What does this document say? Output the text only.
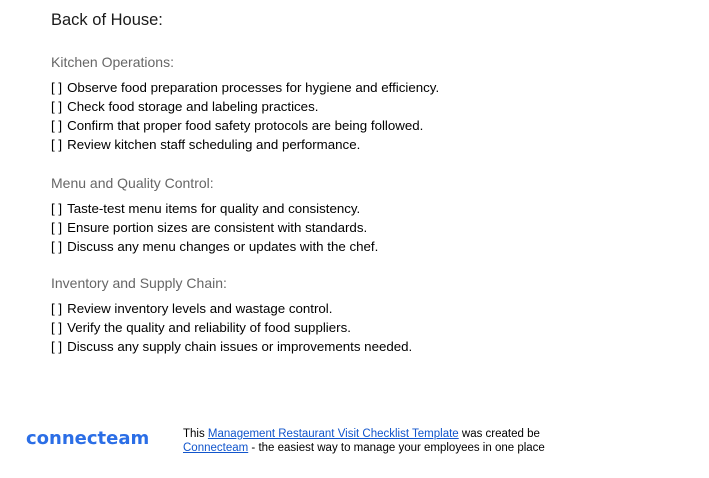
Back of House:
Kitchen Operations:
[ ] Observe food preparation processes for hygiene and efficiency.
[ ] Check food storage and labeling practices.
[ ] Confirm that proper food safety protocols are being followed.
[ ] Review kitchen staff scheduling and performance.
Menu and Quality Control:
[ ] Taste-test menu items for quality and consistency.
[ ] Ensure portion sizes are consistent with standards.
[ ] Discuss any menu changes or updates with the chef.
Inventory and Supply Chain:
[ ] Review inventory levels and wastage control.
[ ] Verify the quality and reliability of food suppliers.
[ ] Discuss any supply chain issues or improvements needed.
connecteam	This Management Restaurant Visit Checklist Template was created be
Connecteam - the easiest way to manage your employees in one place
